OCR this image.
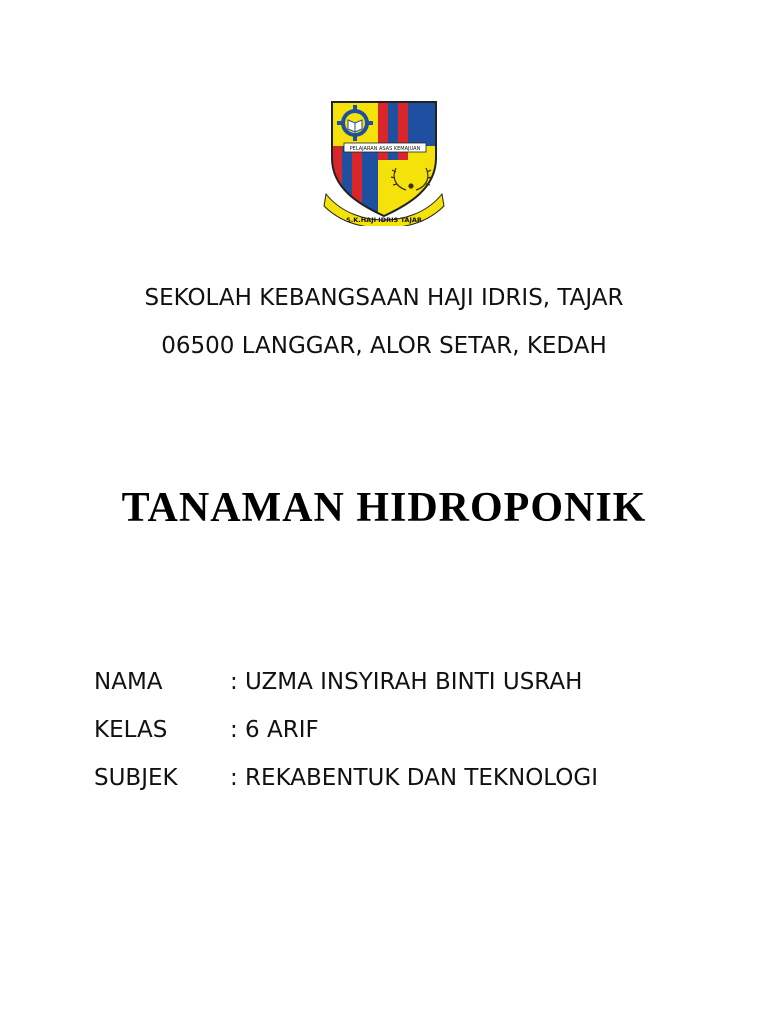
PELAJARAN ASAS KEMAJUAN
S.K.HAJI IDRIS TAJAR
SEKOLAH KEBANGSAAN HAJI IDRIS, TAJAR
06500 LANGGAR, ALOR SETAR, KEDAH
TANAMAN HIDROPONIK
NAMA	: UZMA INSYIRAH BINTI USRAH
KELAS	: 6 ARIF
SUBJEK	: REKABENTUK DAN TEKNOLOGI
